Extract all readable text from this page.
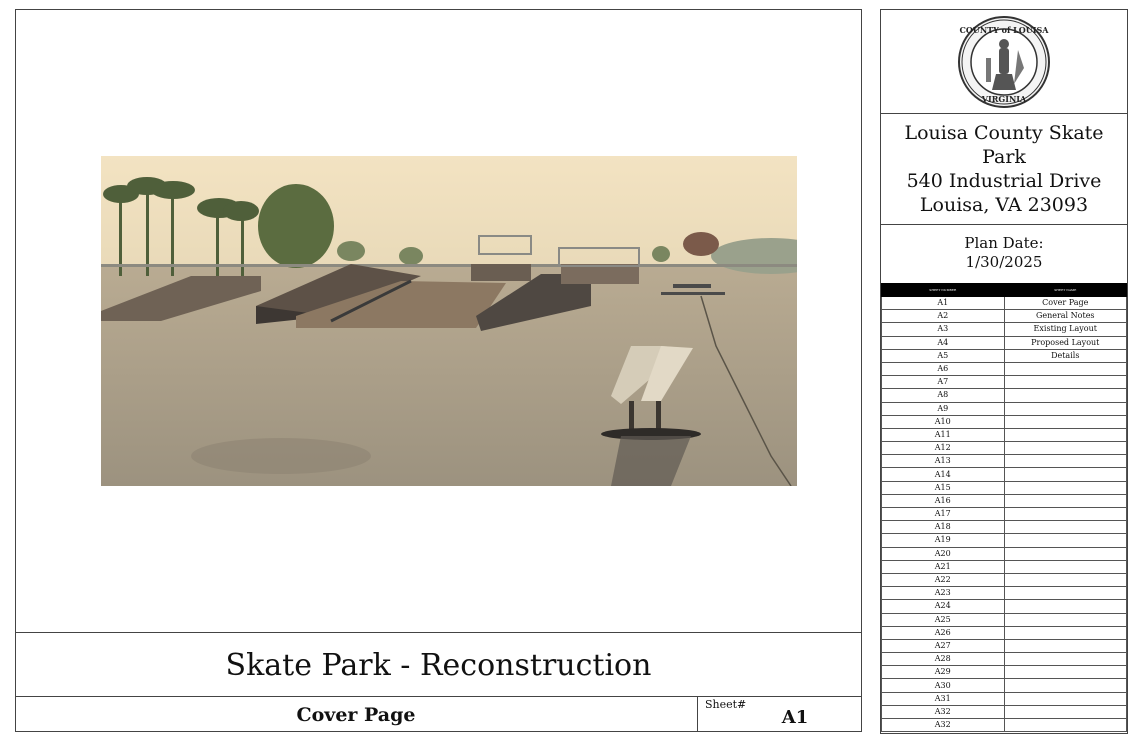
Skate Park - Reconstruction
Cover Page	Sheet#
A1
COUNTY of LOUISA
VIRGINIA
Louisa County Skate Park
540 Industrial Drive
Louisa, VA 23093
Plan Date:
1/30/2025
SHEET NUMBER	SHEET NAME
A1	Cover Page
A2	General Notes
A3	Existing Layout
A4	Proposed Layout
A5	Details
A6	
A7	
A8	
A9	
A10	
A11	
A12	
A13	
A14	
A15	
A16	
A17	
A18	
A19	
A20	
A21	
A22	
A23	
A24	
A25	
A26	
A27	
A28	
A29	
A30	
A31	
A32	
A32	
